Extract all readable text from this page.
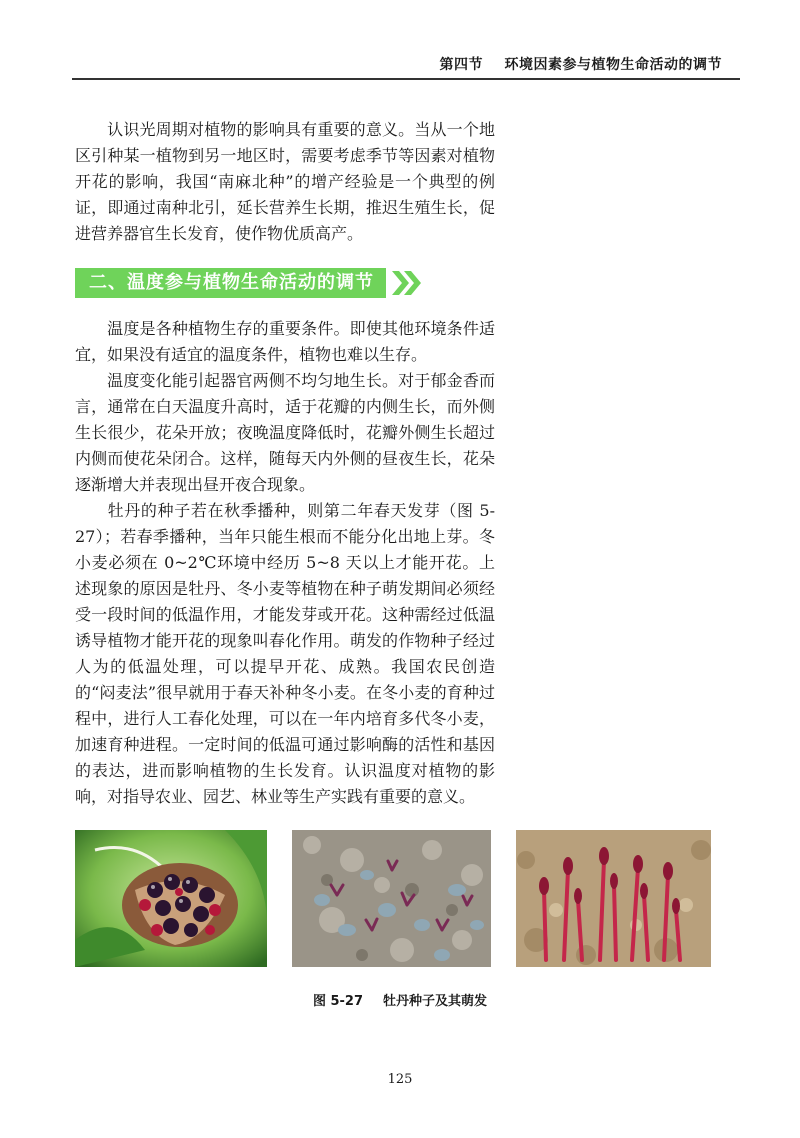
第四节 环境因素参与植物生命活动的调节

认识光周期对植物的影响具有重要的意义。当从一个地区引种某一植物到另一地区时，需要考虑季节等因素对植物开花的影响，我国“南麻北种”的增产经验是一个典型的例证，即通过南种北引，延长营养生长期，推迟生殖生长，促进营养器官生长发育，使作物优质高产。

二、温度参与植物生命活动的调节

温度是各种植物生存的重要条件。即使其他环境条件适宜，如果没有适宜的温度条件，植物也难以生存。

温度变化能引起器官两侧不均匀地生长。对于郁金香而言，通常在白天温度升高时，适于花瓣的内侧生长，而外侧生长很少，花朵开放；夜晚温度降低时，花瓣外侧生长超过内侧而使花朵闭合。这样，随每天内外侧的昼夜生长，花朵逐渐增大并表现出昼开夜合现象。

牡丹的种子若在秋季播种，则第二年春天发芽（图 5-27）；若春季播种，当年只能生根而不能分化出地上芽。冬小麦必须在 0~2℃环境中经历 5~8 天以上才能开花。上述现象的原因是牡丹、冬小麦等植物在种子萌发期间必须经受一段时间的低温作用，才能发芽或开花。这种需经过低温诱导植物才能开花的现象叫春化作用。萌发的作物种子经过人为的低温处理，可以提早开花、成熟。我国农民创造的“闷麦法”很早就用于春天补种冬小麦。在冬小麦的育种过程中，进行人工春化处理，可以在一年内培育多代冬小麦，加速育种进程。一定时间的低温可通过影响酶的活性和基因的表达，进而影响植物的生长发育。认识温度对植物的影响，对指导农业、园艺、林业等生产实践有重要的意义。

图 5-27 牡丹种子及其萌发
125
